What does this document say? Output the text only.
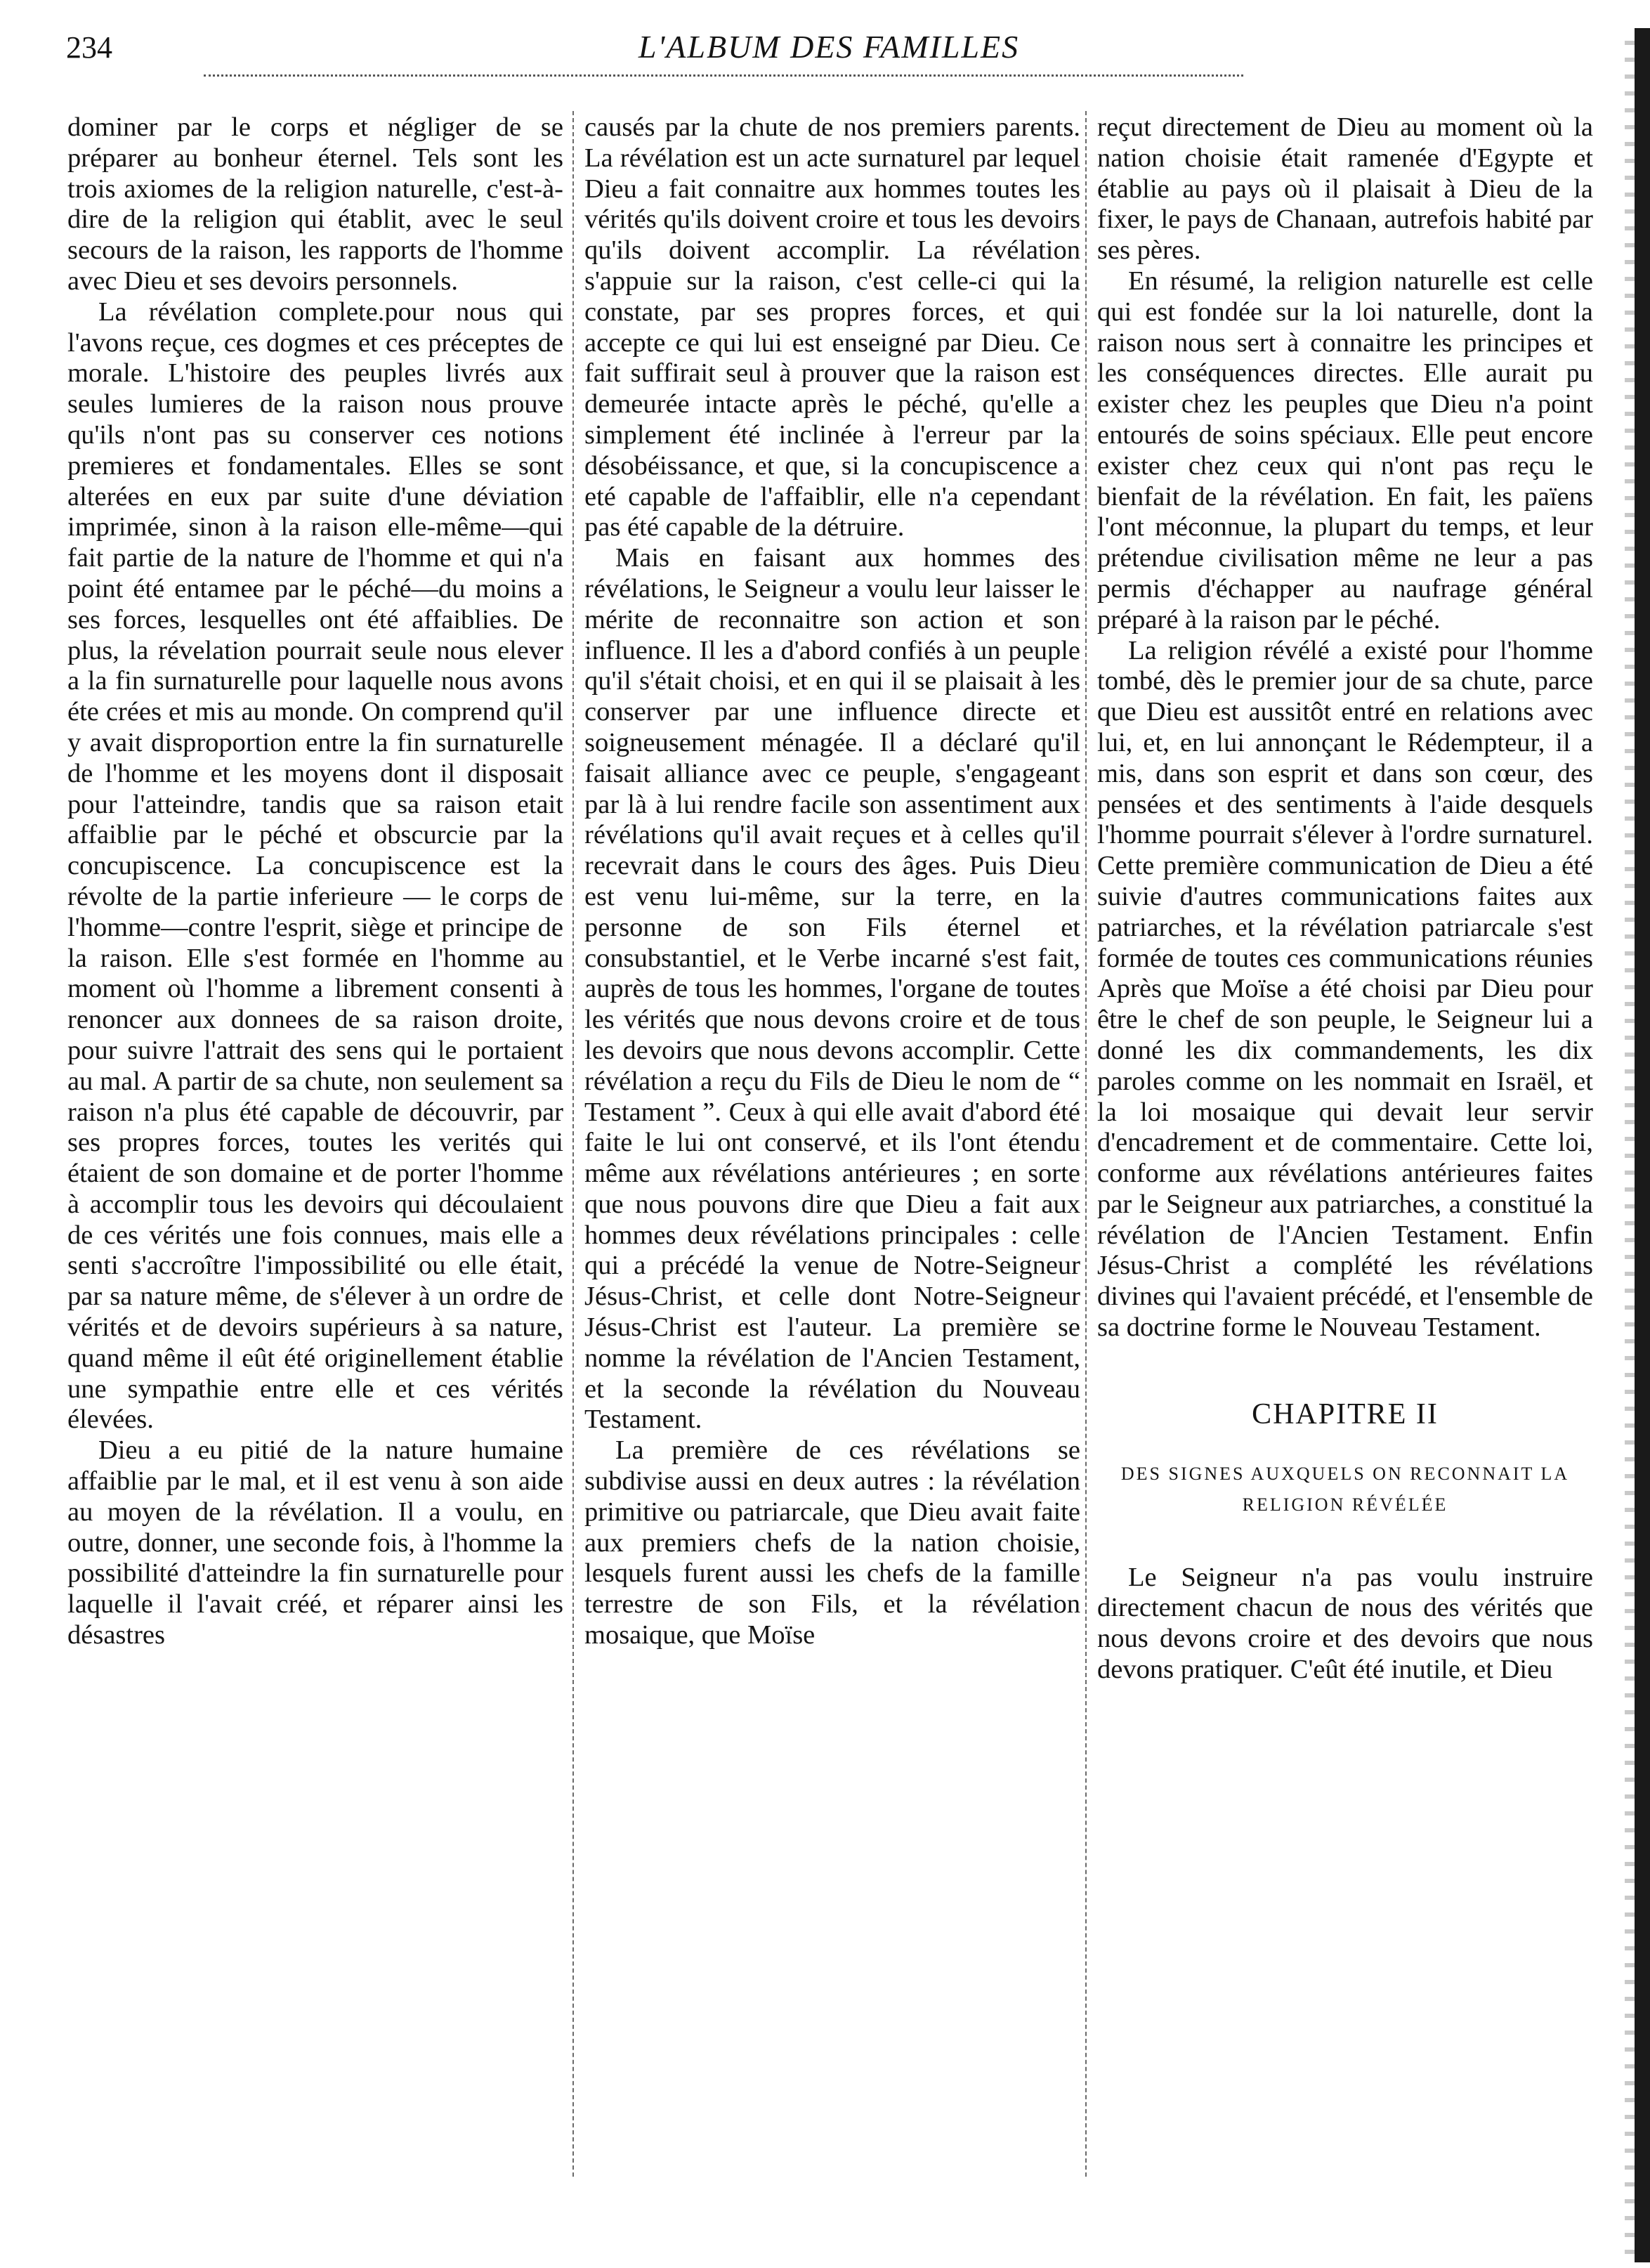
234	L'ALBUM DES FAMILLES

dominer par le corps et négliger de se préparer au bonheur éternel. Tels sont les trois axiomes de la religion naturelle, c'est-à-dire de la religion qui établit, avec le seul secours de la raison, les rapports de l'homme avec Dieu et ses devoirs personnels.

La révélation complete.pour nous qui l'avons reçue, ces dogmes et ces préceptes de morale. L'histoire des peuples livrés aux seules lumieres de la raison nous prouve qu'ils n'ont pas su conserver ces notions premieres et fondamentales. Elles se sont alterées en eux par suite d'une déviation imprimée, sinon à la raison elle-même—qui fait partie de la nature de l'homme et qui n'a point été entamee par le péché—du moins a ses forces, lesquelles ont été affaiblies. De plus, la révelation pourrait seule nous elever a la fin surnaturelle pour laquelle nous avons éte crées et mis au monde. On comprend qu'il y avait disproportion entre la fin surnaturelle de l'homme et les moyens dont il disposait pour l'atteindre, tandis que sa raison etait affaiblie par le péché et obscurcie par la concupiscence. La concupiscence est la révolte de la partie inferieure — le corps de l'homme—contre l'esprit, siège et principe de la raison. Elle s'est formée en l'homme au moment où l'homme a librement consenti à renoncer aux donnees de sa raison droite, pour suivre l'attrait des sens qui le portaient au mal. A partir de sa chute, non seulement sa raison n'a plus été capable de découvrir, par ses propres forces, toutes les verités qui étaient de son domaine et de porter l'homme à accomplir tous les devoirs qui découlaient de ces vérités une fois connues, mais elle a senti s'accroître l'impossibilité ou elle était, par sa nature même, de s'élever à un ordre de vérités et de devoirs supérieurs à sa nature, quand même il eût été originellement établie une sympathie entre elle et ces vérités élevées.

Dieu a eu pitié de la nature humaine affaiblie par le mal, et il est venu à son aide au moyen de la révélation. Il a voulu, en outre, donner, une seconde fois, à l'homme la possibilité d'atteindre la fin surnaturelle pour laquelle il l'avait créé, et réparer ainsi les désastres

causés par la chute de nos premiers parents. La révélation est un acte surnaturel par lequel Dieu a fait connaitre aux hommes toutes les vérités qu'ils doivent croire et tous les devoirs qu'ils doivent accomplir. La révélation s'appuie sur la raison, c'est celle-ci qui la constate, par ses propres forces, et qui accepte ce qui lui est enseigné par Dieu. Ce fait suffirait seul à prouver que la raison est demeurée intacte après le péché, qu'elle a simplement été inclinée à l'erreur par la désobéissance, et que, si la concupiscence a eté capable de l'affaiblir, elle n'a cependant pas été capable de la détruire.

Mais en faisant aux hommes des révélations, le Seigneur a voulu leur laisser le mérite de reconnaitre son action et son influence. Il les a d'abord confiés à un peuple qu'il s'était choisi, et en qui il se plaisait à les conserver par une influence directe et soigneusement ménagée. Il a déclaré qu'il faisait alliance avec ce peuple, s'engageant par là à lui rendre facile son assentiment aux révélations qu'il avait reçues et à celles qu'il recevrait dans le cours des âges. Puis Dieu est venu lui-même, sur la terre, en la personne de son Fils éternel et consubstantiel, et le Verbe incarné s'est fait, auprès de tous les hommes, l'organe de toutes les vérités que nous devons croire et de tous les devoirs que nous devons accomplir. Cette révélation a reçu du Fils de Dieu le nom de “ Testament ”. Ceux à qui elle avait d'abord été faite le lui ont conservé, et ils l'ont étendu même aux révélations antérieures ; en sorte que nous pouvons dire que Dieu a fait aux hommes deux révélations principales : celle qui a précédé la venue de Notre-Seigneur Jésus-Christ, et celle dont Notre-Seigneur Jésus-Christ est l'auteur. La première se nomme la révélation de l'Ancien Testament, et la seconde la révélation du Nouveau Testament.

La première de ces révélations se subdivise aussi en deux autres : la révélation primitive ou patriarcale, que Dieu avait faite aux premiers chefs de la nation choisie, lesquels furent aussi les chefs de la famille terrestre de son Fils, et la révélation mosaique, que Moïse

reçut directement de Dieu au moment où la nation choisie était ramenée d'Egypte et établie au pays où il plaisait à Dieu de la fixer, le pays de Chanaan, autrefois habité par ses pères.

En résumé, la religion naturelle est celle qui est fondée sur la loi naturelle, dont la raison nous sert à connaitre les principes et les conséquences directes. Elle aurait pu exister chez les peuples que Dieu n'a point entourés de soins spéciaux. Elle peut encore exister chez ceux qui n'ont pas reçu le bienfait de la révélation. En fait, les païens l'ont méconnue, la plupart du temps, et leur prétendue civilisation même ne leur a pas permis d'échapper au naufrage général préparé à la raison par le péché.

La religion révélé a existé pour l'homme tombé, dès le premier jour de sa chute, parce que Dieu est aussitôt entré en relations avec lui, et, en lui annonçant le Rédempteur, il a mis, dans son esprit et dans son cœur, des pensées et des sentiments à l'aide desquels l'homme pourrait s'élever à l'ordre surnaturel. Cette première communication de Dieu a été suivie d'autres communications faites aux patriarches, et la révélation patriarcale s'est formée de toutes ces communications réunies Après que Moïse a été choisi par Dieu pour être le chef de son peuple, le Seigneur lui a donné les dix commandements, les dix paroles comme on les nommait en Israël, et la loi mosaique qui devait leur servir d'encadrement et de commentaire. Cette loi, conforme aux révélations antérieures faites par le Seigneur aux patriarches, a constitué la révélation de l'Ancien Testament. Enfin Jésus-Christ a complété les révélations divines qui l'avaient précédé, et l'ensemble de sa doctrine forme le Nouveau Testament.

CHAPITRE II

DES SIGNES AUXQUELS ON RECONNAIT LA RELIGION RÉVÉLÉE

Le Seigneur n'a pas voulu instruire directement chacun de nous des vérités que nous devons croire et des devoirs que nous devons pratiquer. C'eût été inutile, et Dieu
